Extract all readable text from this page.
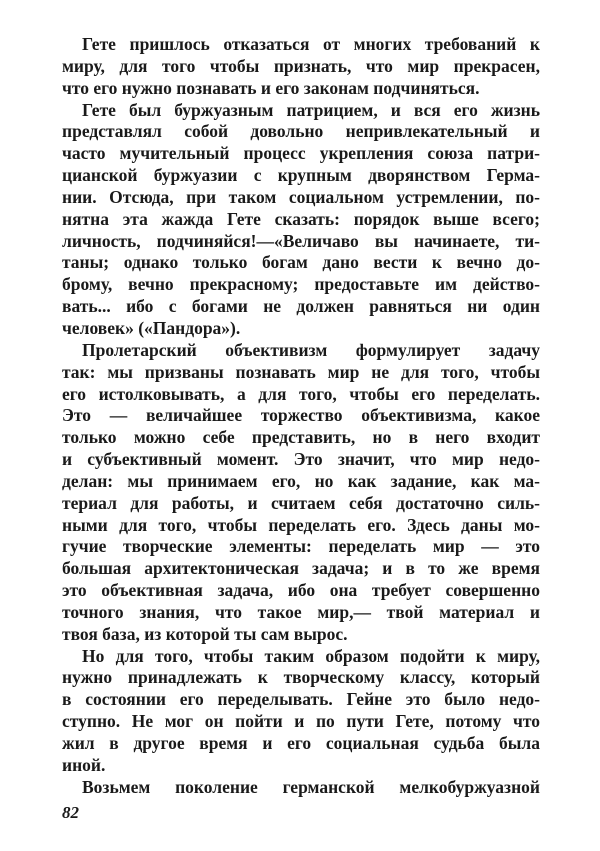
Гете пришлось отказаться от многих требований к
миру, для того чтобы признать, что мир прекрасен,
что его нужно познавать и его законам подчиняться.
Гете был буржуазным патрицием, и вся его жизнь
представлял собой довольно непривлекательный и
часто мучительный процесс укрепления союза патри-
цианской буржуазии с крупным дворянством Герма-
нии. Отсюда, при таком социальном устремлении, по-
нятна эта жажда Гете сказать: порядок выше всего;
личность, подчиняйся!—«Величаво вы начинаете, ти-
таны; однако только богам дано вести к вечно до-
брому, вечно прекрасному; предоставьте им действо-
вать... ибо с богами не должен равняться ни один
человек» («Пандора»).
Пролетарский объективизм формулирует задачу
так: мы призваны познавать мир не для того, чтобы
его истолковывать, а для того, чтобы его переделать.
Это — величайшее торжество объективизма, какое
только можно себе представить, но в него входит
и субъективный момент. Это значит, что мир недо-
делан: мы принимаем его, но как задание, как ма-
териал для работы, и считаем себя достаточно силь-
ными для того, чтобы переделать его. Здесь даны мо-
гучие творческие элементы: переделать мир — это
большая архитектоническая задача; и в то же время
это объективная задача, ибо она требует совершенно
точного знания, что такое мир,— твой материал и
твоя база, из которой ты сам вырос.
Но для того, чтобы таким образом подойти к миру,
нужно принадлежать к творческому классу, который
в состоянии его переделывать. Гейне это было недо-
ступно. Не мог он пойти и по пути Гете, потому что
жил в другое время и его социальная судьба была
иной.
Возьмем поколение германской мелкобуржуазной
82
